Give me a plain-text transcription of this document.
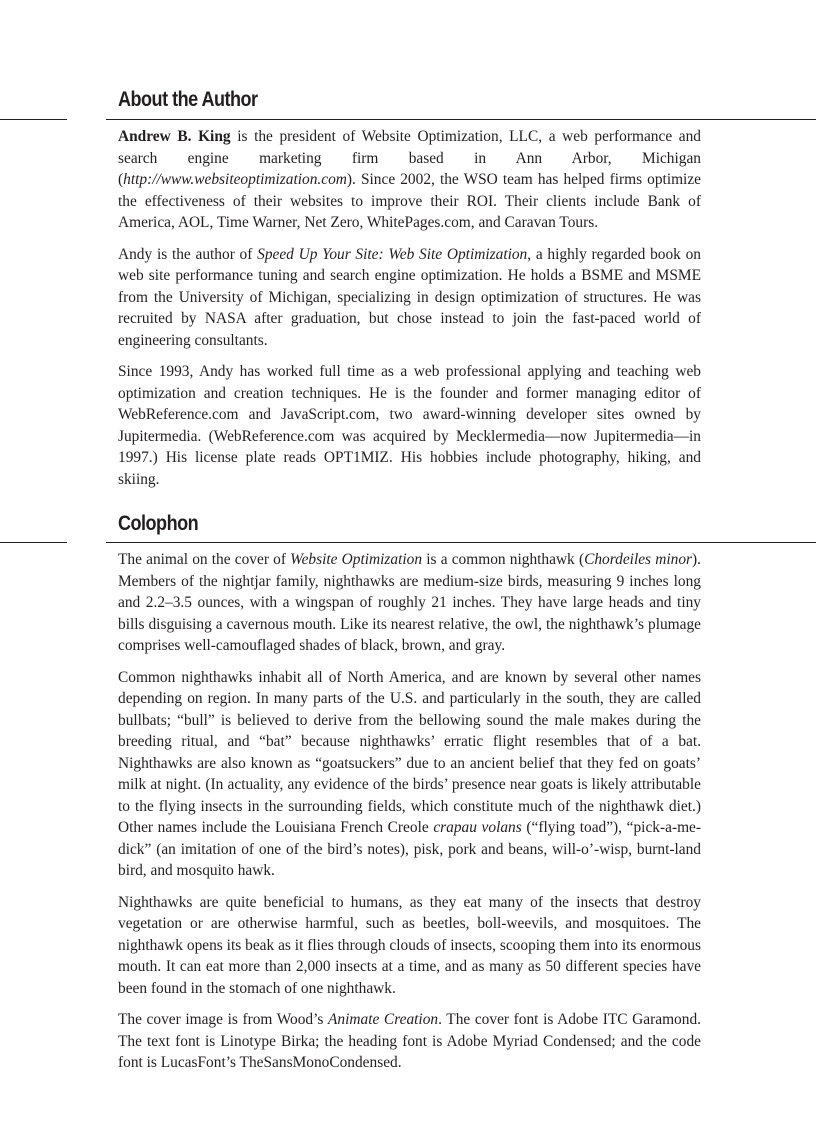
About the Author

Andrew B. King is the president of Website Optimization, LLC, a web performance and search engine marketing firm based in Ann Arbor, Michigan (http://www.websiteoptimization.com). Since 2002, the WSO team has helped firms optimize the effectiveness of their websites to improve their ROI. Their clients include Bank of America, AOL, Time Warner, Net Zero, WhitePages.com, and Caravan Tours.

Andy is the author of Speed Up Your Site: Web Site Optimization, a highly regarded book on web site performance tuning and search engine optimization. He holds a BSME and MSME from the University of Michigan, specializing in design optimization of structures. He was recruited by NASA after graduation, but chose instead to join the fast-paced world of engineering consultants.

Since 1993, Andy has worked full time as a web professional applying and teaching web optimization and creation techniques. He is the founder and former managing editor of WebReference.com and JavaScript.com, two award-winning developer sites owned by Jupitermedia. (WebReference.com was acquired by Mecklermedia—now Jupitermedia—in 1997.) His license plate reads OPT1MIZ. His hobbies include photography, hiking, and skiing.

Colophon

The animal on the cover of Website Optimization is a common nighthawk (Chordeiles minor). Members of the nightjar family, nighthawks are medium-size birds, measuring 9 inches long and 2.2–3.5 ounces, with a wingspan of roughly 21 inches. They have large heads and tiny bills disguising a cavernous mouth. Like its nearest relative, the owl, the nighthawk’s plumage comprises well-camouflaged shades of black, brown, and gray.

Common nighthawks inhabit all of North America, and are known by several other names depending on region. In many parts of the U.S. and particularly in the south, they are called bullbats; “bull” is believed to derive from the bellowing sound the male makes during the breeding ritual, and “bat” because nighthawks’ erratic flight resembles that of a bat. Nighthawks are also known as “goatsuckers” due to an ancient belief that they fed on goats’ milk at night. (In actuality, any evidence of the birds’ presence near goats is likely attributable to the flying insects in the surrounding fields, which constitute much of the nighthawk diet.) Other names include the Louisiana French Creole crapau volans (“flying toad”), “pick-a-me-dick” (an imitation of one of the bird’s notes), pisk, pork and beans, will-o’-wisp, burnt-land bird, and mosquito hawk.

Nighthawks are quite beneficial to humans, as they eat many of the insects that destroy vegetation or are otherwise harmful, such as beetles, boll-weevils, and mosquitoes. The nighthawk opens its beak as it flies through clouds of insects, scooping them into its enormous mouth. It can eat more than 2,000 insects at a time, and as many as 50 different species have been found in the stomach of one nighthawk.

The cover image is from Wood’s Animate Creation. The cover font is Adobe ITC Garamond. The text font is Linotype Birka; the heading font is Adobe Myriad Condensed; and the code font is LucasFont’s TheSansMonoCondensed.
